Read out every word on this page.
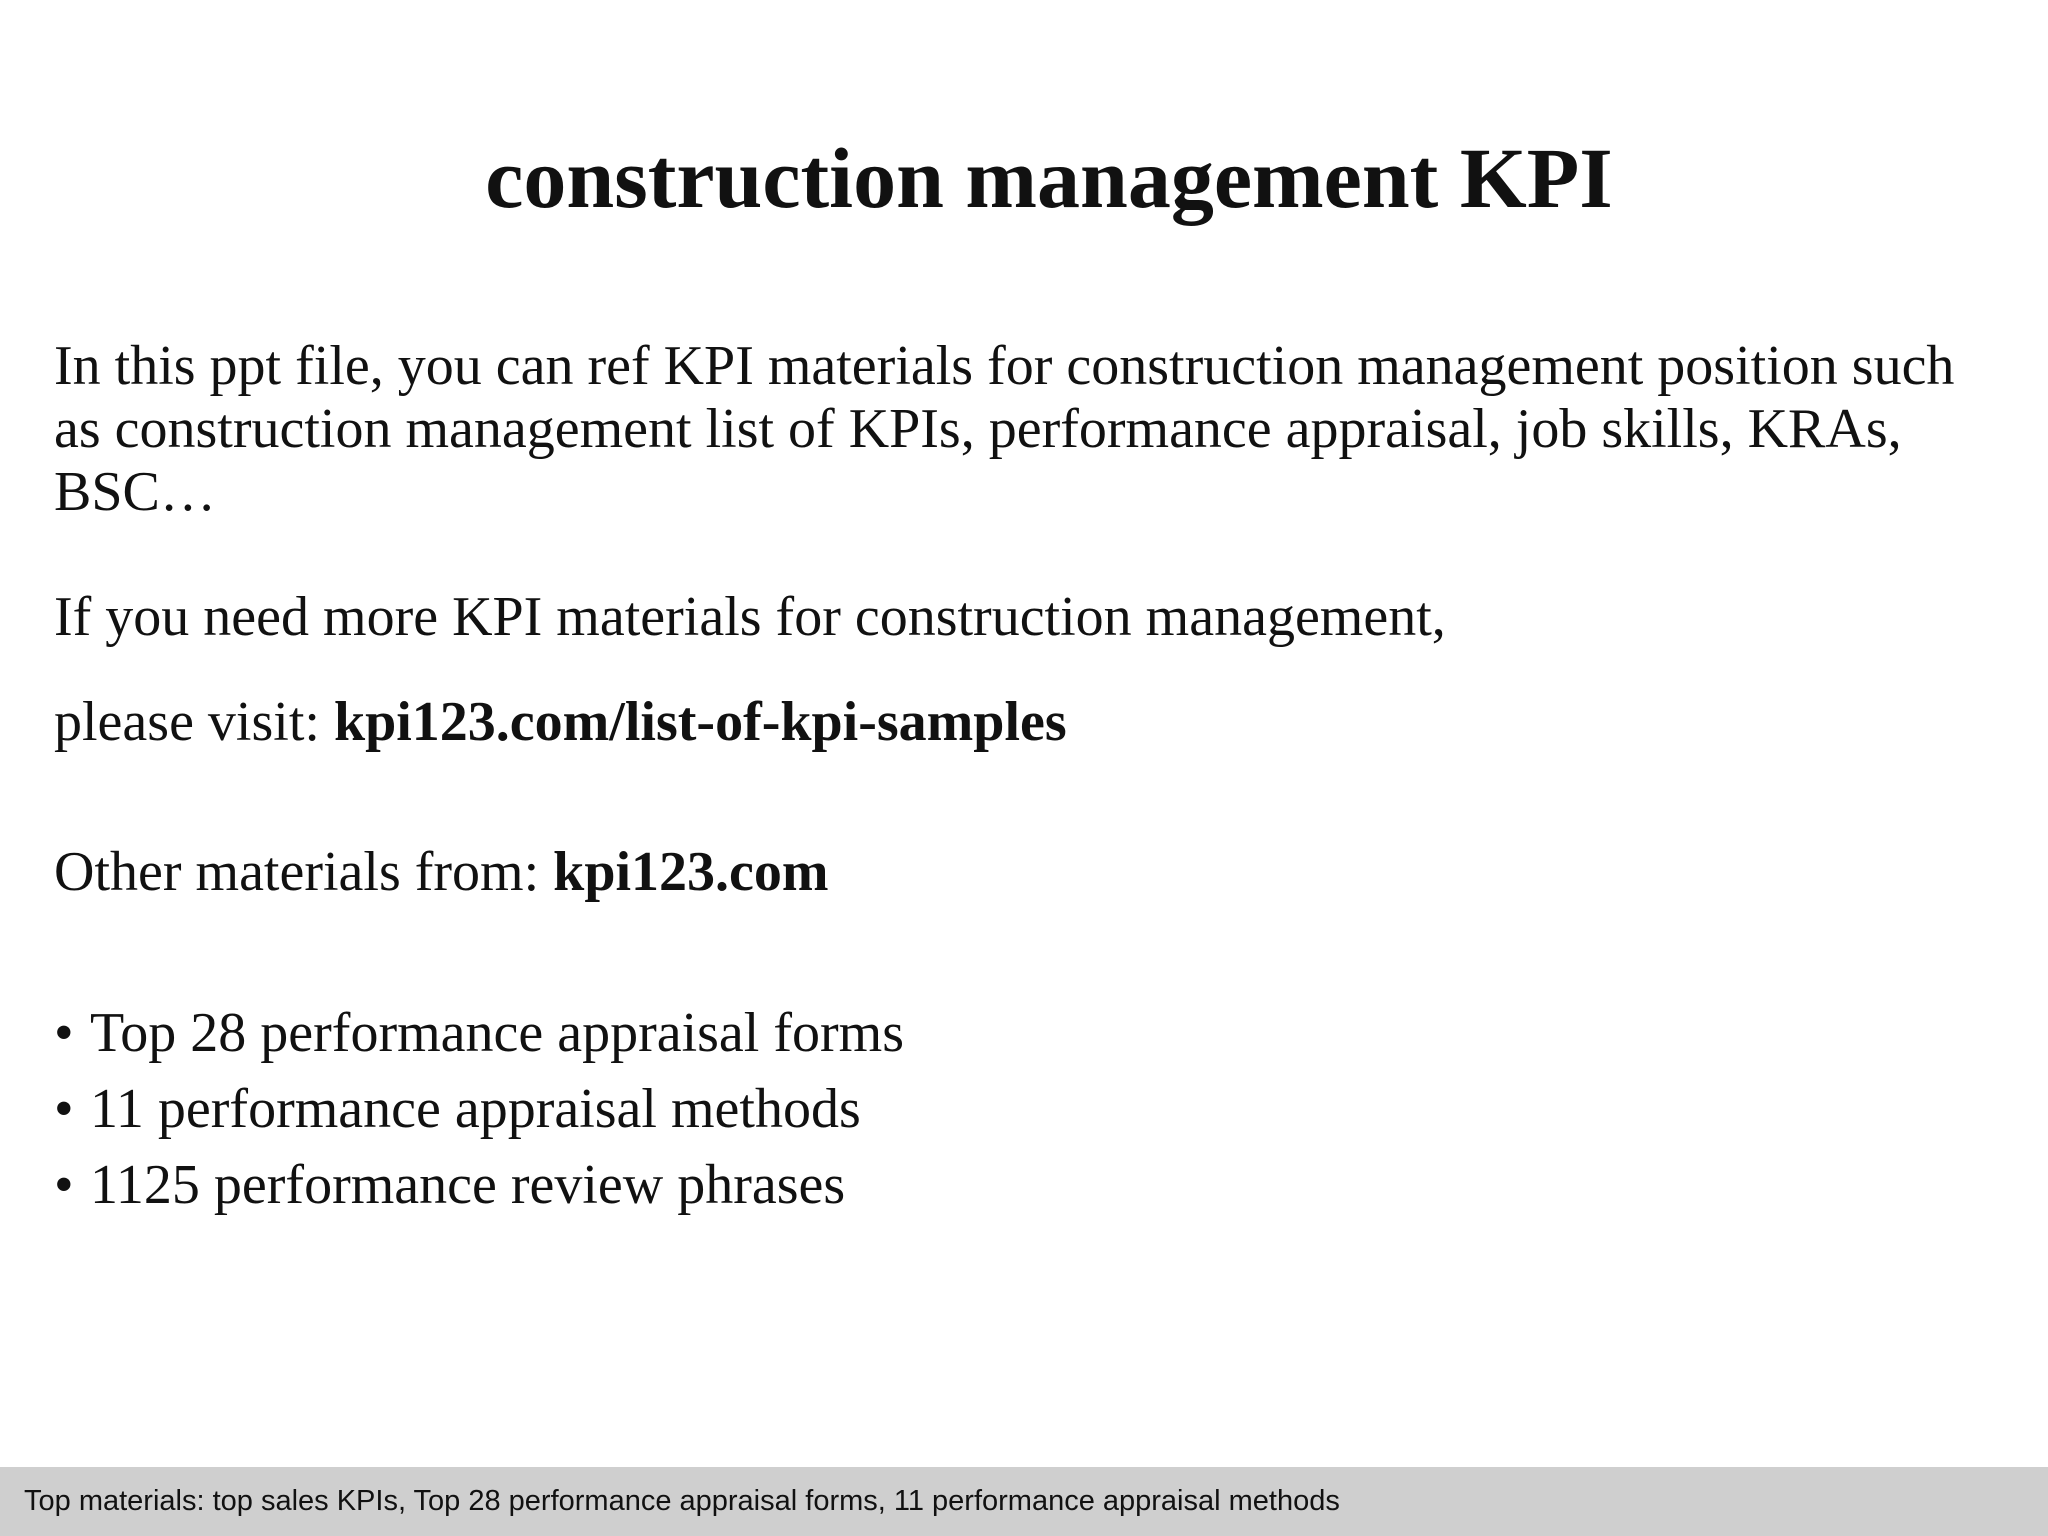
construction management KPI

In this ppt file, you can ref KPI materials for construction management position such as construction management list of KPIs, performance appraisal, job skills, KRAs, BSC…

If you need more KPI materials for construction management,

please visit: kpi123.com/list-of-kpi-samples

Other materials from: kpi123.com

• Top 28 performance appraisal forms
• 11 performance appraisal methods
• 1125 performance review phrases
Top materials: top sales KPIs, Top 28 performance appraisal forms, 11 performance appraisal methods
